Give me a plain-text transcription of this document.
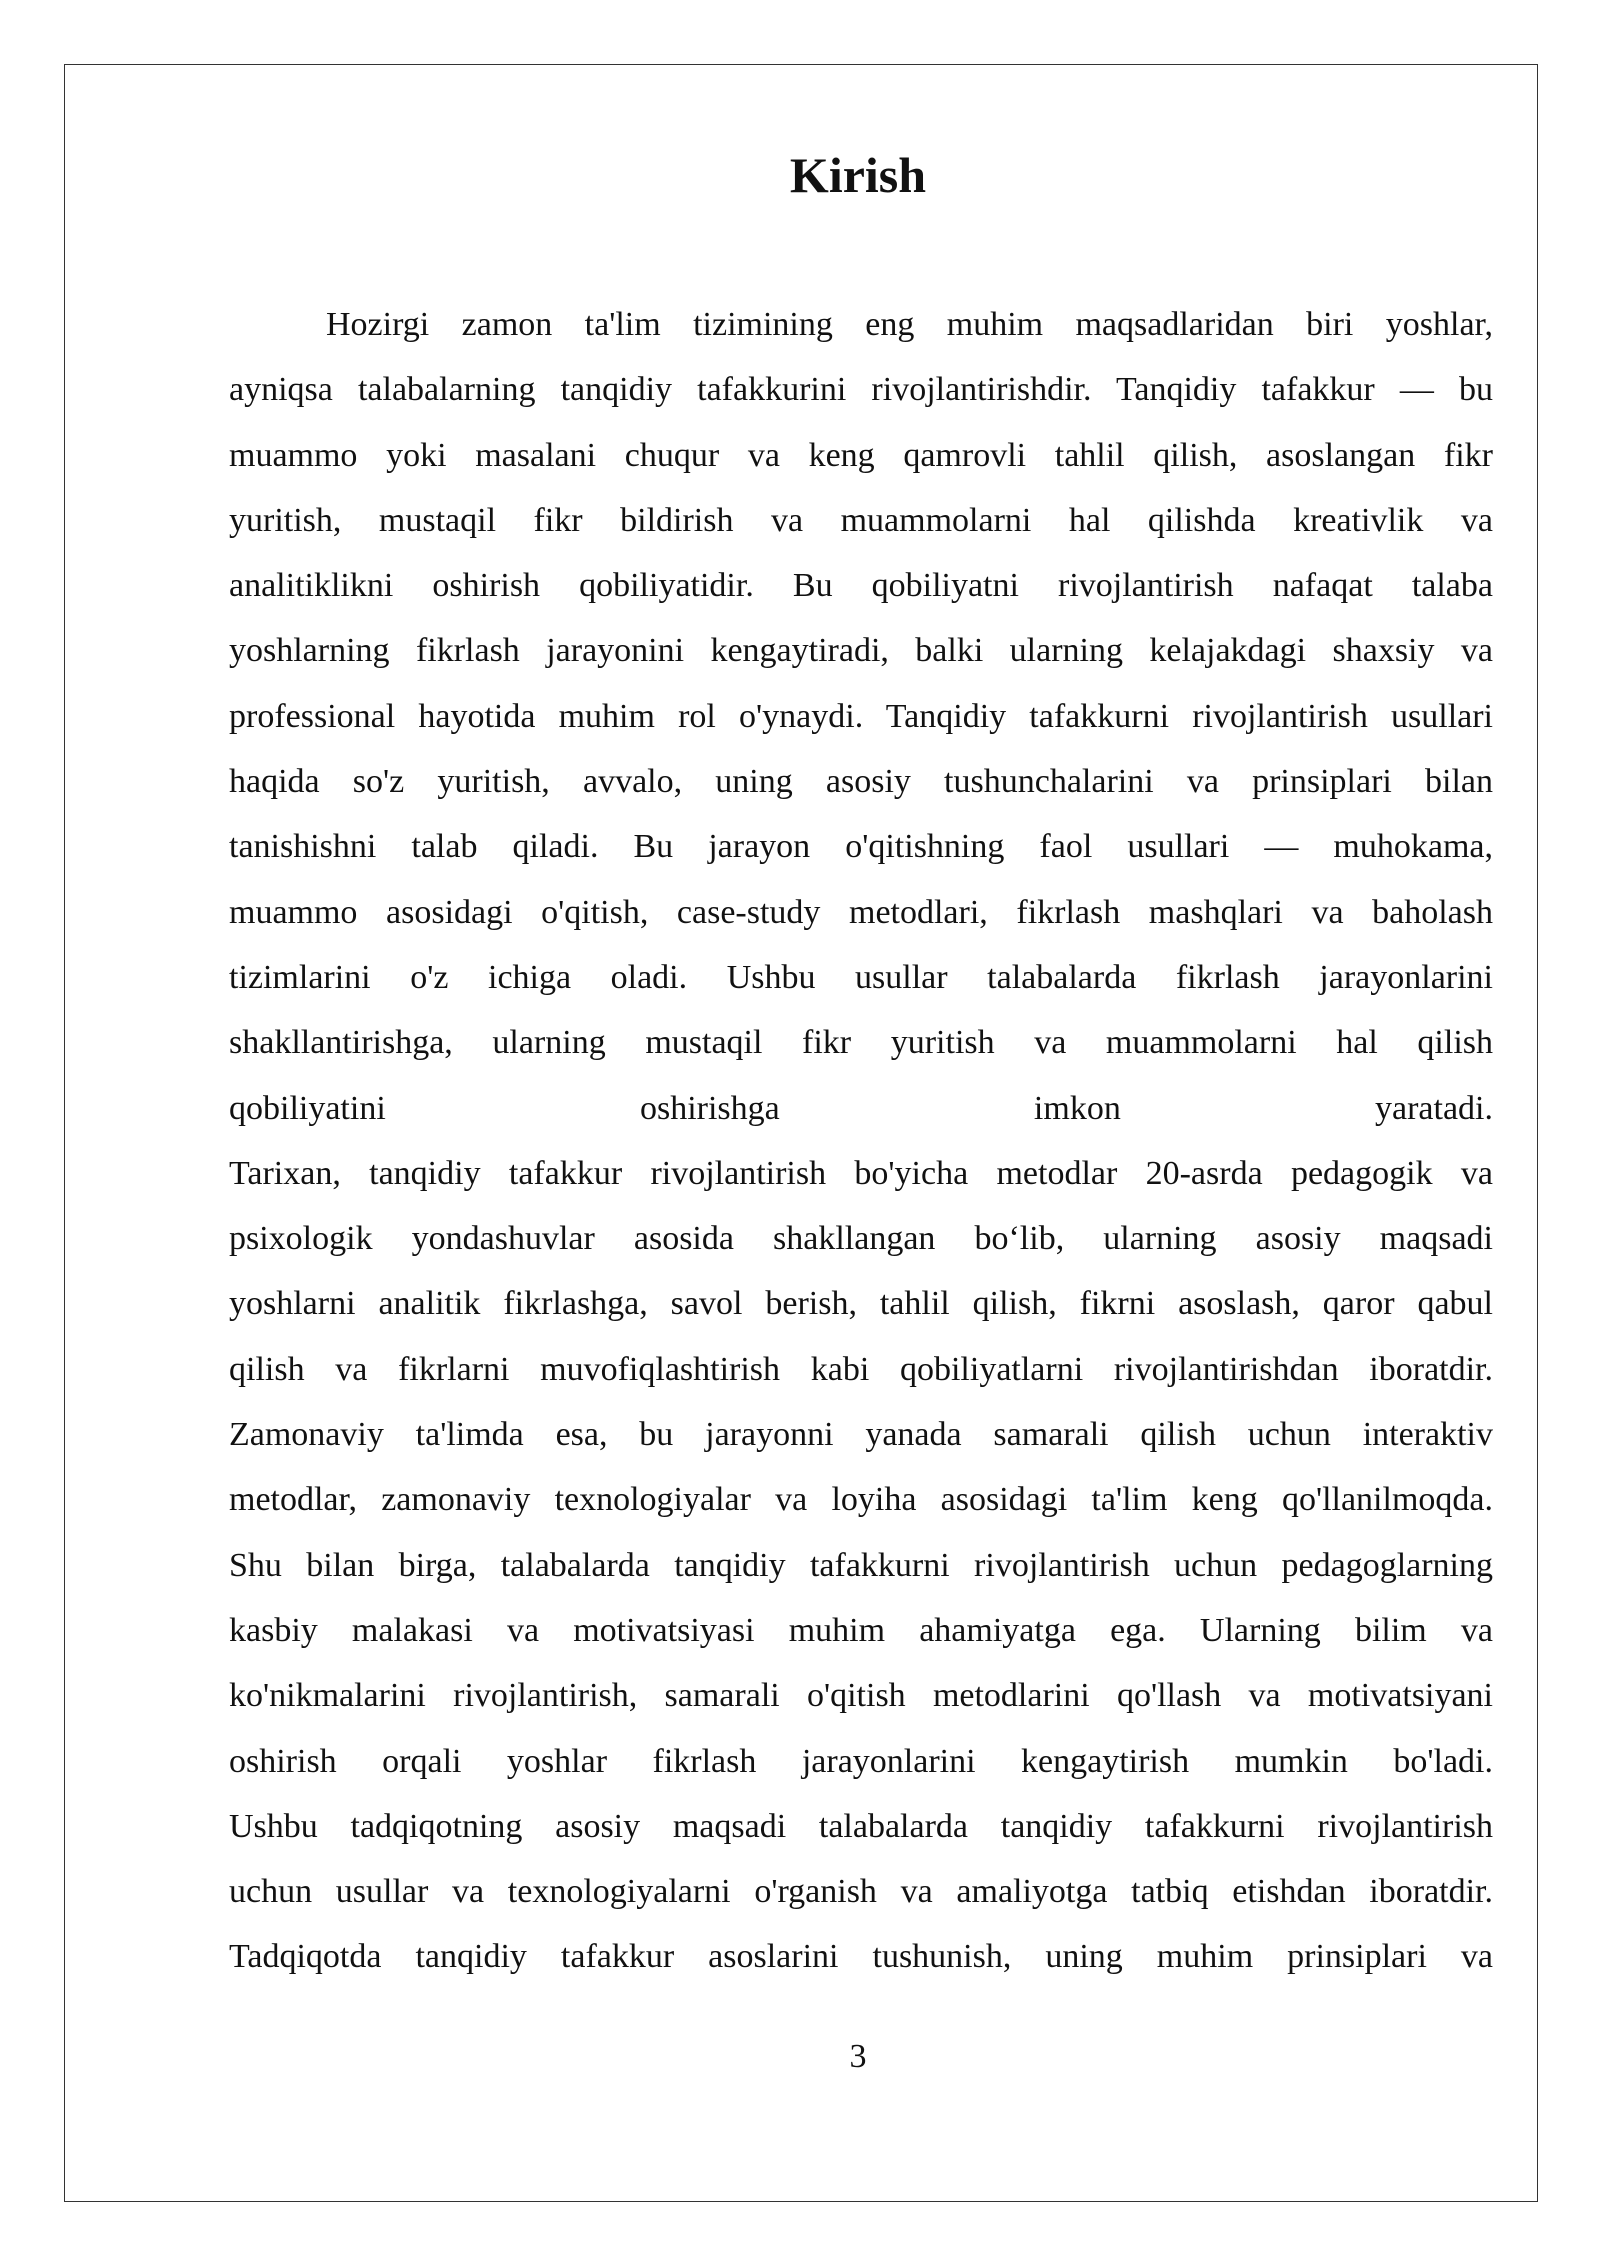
Kirish
Hozirgi zamon ta'lim tizimining eng muhim maqsadlaridan biri yoshlar,
ayniqsa talabalarning tanqidiy tafakkurini rivojlantirishdir. Tanqidiy tafakkur — bu
muammo yoki masalani chuqur va keng qamrovli tahlil qilish, asoslangan fikr
yuritish, mustaqil fikr bildirish va muammolarni hal qilishda kreativlik va
analitiklikni oshirish qobiliyatidir. Bu qobiliyatni rivojlantirish nafaqat talaba
yoshlarning fikrlash jarayonini kengaytiradi, balki ularning kelajakdagi shaxsiy va
professional hayotida muhim rol o'ynaydi. Tanqidiy tafakkurni rivojlantirish usullari
haqida so'z yuritish, avvalo, uning asosiy tushunchalarini va prinsiplari bilan
tanishishni talab qiladi. Bu jarayon o'qitishning faol usullari — muhokama,
muammo asosidagi o'qitish, case-study metodlari, fikrlash mashqlari va baholash
tizimlarini o'z ichiga oladi. Ushbu usullar talabalarda fikrlash jarayonlarini
shakllantirishga, ularning mustaqil fikr yuritish va muammolarni hal qilish
qobiliyatini oshirishga imkon yaratadi.
Tarixan, tanqidiy tafakkur rivojlantirish bo'yicha metodlar 20-asrda pedagogik va
psixologik yondashuvlar asosida shakllangan bo‘lib, ularning asosiy maqsadi
yoshlarni analitik fikrlashga, savol berish, tahlil qilish, fikrni asoslash, qaror qabul
qilish va fikrlarni muvofiqlashtirish kabi qobiliyatlarni rivojlantirishdan iboratdir.
Zamonaviy ta'limda esa, bu jarayonni yanada samarali qilish uchun interaktiv
metodlar, zamonaviy texnologiyalar va loyiha asosidagi ta'lim keng qo'llanilmoqda.
Shu bilan birga, talabalarda tanqidiy tafakkurni rivojlantirish uchun pedagoglarning
kasbiy malakasi va motivatsiyasi muhim ahamiyatga ega. Ularning bilim va
ko'nikmalarini rivojlantirish, samarali o'qitish metodlarini qo'llash va motivatsiyani
oshirish orqali yoshlar fikrlash jarayonlarini kengaytirish mumkin bo'ladi.
Ushbu tadqiqotning asosiy maqsadi talabalarda tanqidiy tafakkurni rivojlantirish
uchun usullar va texnologiyalarni o'rganish va amaliyotga tatbiq etishdan iboratdir.
Tadqiqotda tanqidiy tafakkur asoslarini tushunish, uning muhim prinsiplari va
3
